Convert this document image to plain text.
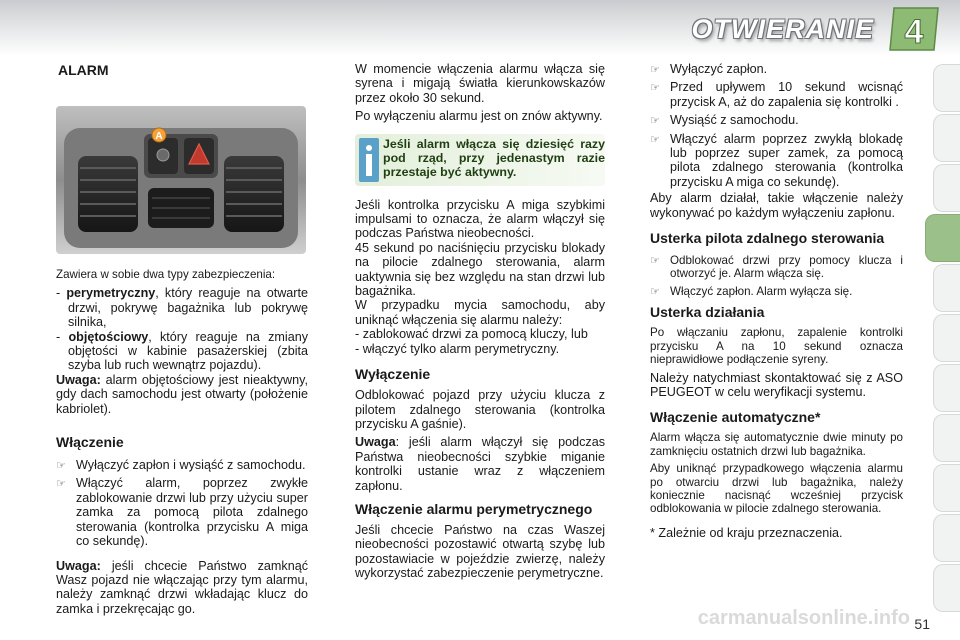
OTWIERANIE 4
ALARM
A

Zawiera w sobie dwa typy zabezpieczenia:

- perymetryczny, który reaguje na otwarte drzwi, pokrywę bagażnika lub pokrywę silnika,

- objętościowy, który reaguje na zmiany objętości w kabinie pasażerskiej (zbita szyba lub ruch wewnątrz pojazdu).

Uwaga: alarm objętościowy jest nieaktywny, gdy dach samochodu jest otwarty (położenie kabriolet).

Włączenie

☞ Wyłączyć zapłon i wysiąść z samochodu.

☞ Włączyć alarm, poprzez zwykłe zablokowanie drzwi lub przy użyciu super zamka za pomocą pilota zdalnego sterowania (kontrolka przycisku A miga co sekundę).

Uwaga: jeśli chcecie Państwo zamknąć Wasz pojazd nie włączając przy tym alarmu, należy zamknąć drzwi wkładając klucz do zamka i przekręcając go.

W momencie włączenia alarmu włącza się syrena i migają światła kierunkowskazów przez około 30 sekund.

Po wyłączeniu alarmu jest on znów aktywny.

Jeśli alarm włącza się dziesięć razy pod rząd, przy jedenastym razie przestaje być aktywny.

Jeśli kontrolka przycisku A miga szybkimi impulsami to oznacza, że alarm włączył się podczas Państwa nieobecności.

45 sekund po naciśnięciu przycisku blokady na pilocie zdalnego sterowania, alarm uaktywnia się bez względu na stan drzwi lub bagażnika.

W przypadku mycia samochodu, aby uniknąć włączenia się alarmu należy:

- zablokować drzwi za pomocą kluczy, lub

- włączyć tylko alarm perymetryczny.

Wyłączenie

Odblokować pojazd przy użyciu klucza z pilotem zdalnego sterowania (kontrolka przycisku A gaśnie).

Uwaga: jeśli alarm włączył się podczas Państwa nieobecności szybkie miganie kontrolki ustanie wraz z włączeniem zapłonu.

Włączenie alarmu perymetrycznego

Jeśli chcecie Państwo na czas Waszej nieobecności pozostawić otwartą szybę lub pozostawiacie w pojeździe zwierzę, należy wykorzystać zabezpieczenie perymetryczne.

☞ Wyłączyć zapłon.

☞ Przed upływem 10 sekund wcisnąć przycisk A, aż do zapalenia się kontrolki .

☞ Wysiąść z samochodu.

☞ Włączyć alarm poprzez zwykłą blokadę lub poprzez super zamek, za pomocą pilota zdalnego sterowania (kontrolka przycisku A miga co sekundę).

Aby alarm działał, takie włączenie należy wykonywać po każdym wyłączeniu zapłonu.

Usterka pilota zdalnego sterowania

☞ Odblokować drzwi przy pomocy klucza i otworzyć je. Alarm włącza się.

☞ Włączyć zapłon. Alarm wyłącza się.

Usterka działania

Po włączaniu zapłonu, zapalenie kontrolki przycisku A na 10 sekund oznacza nieprawidłowe podłączenie syreny.

Należy natychmiast skontaktować się z ASO PEUGEOT w celu weryfikacji systemu.

Włączenie automatyczne*

Alarm włącza się automatycznie dwie minuty po zamknięciu ostatnich drzwi lub bagażnika.

Aby uniknąć przypadkowego włączenia alarmu po otwarciu drzwi lub bagażnika, należy koniecznie nacisnąć wcześniej przycisk odblokowania w pilocie zdalnego sterowania.

* Zależnie od kraju przeznaczenia.

carmanualsonline.info 51
